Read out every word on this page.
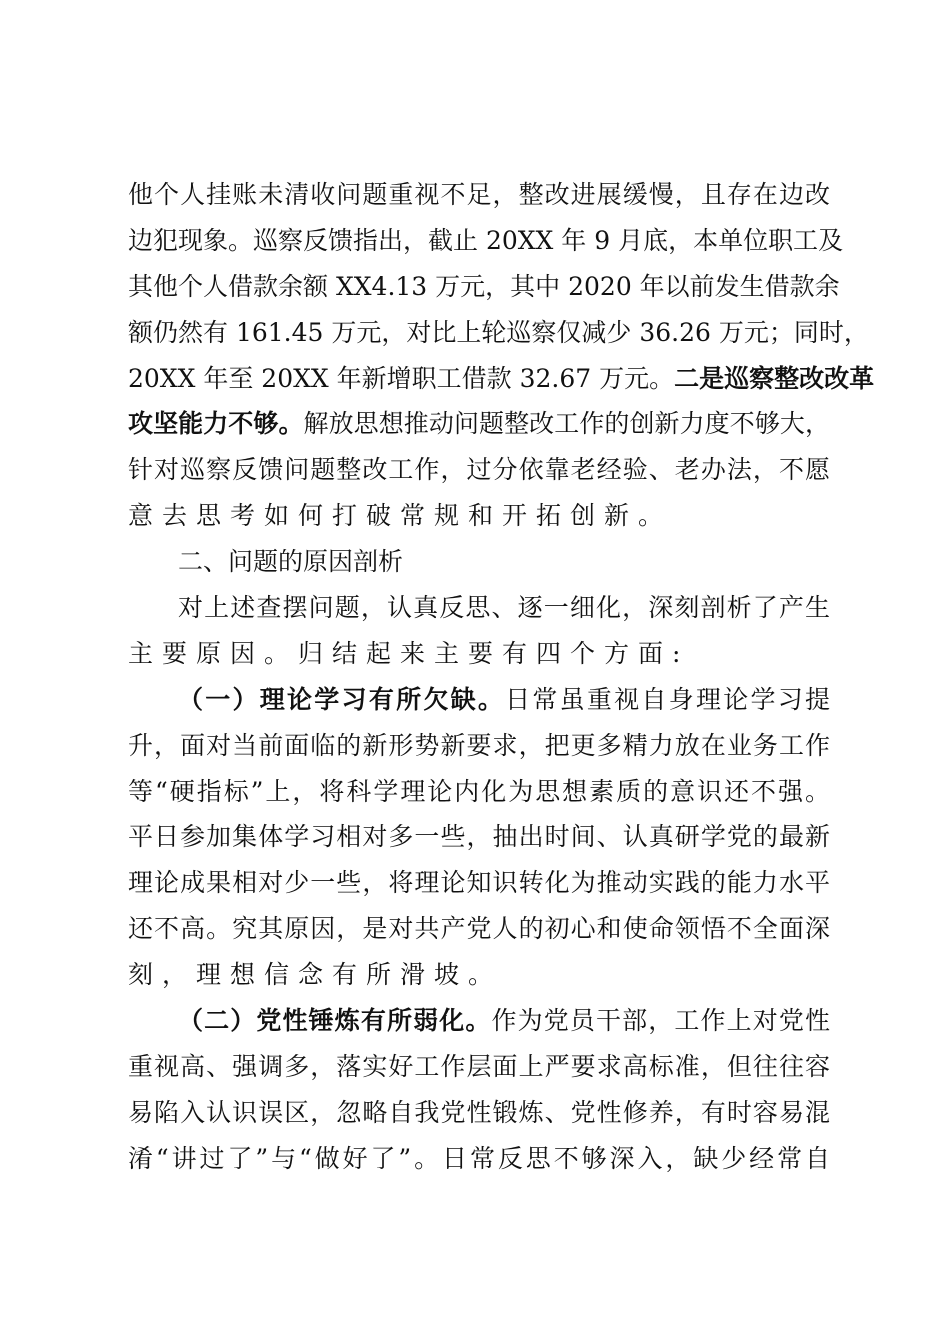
他个人挂账未清收问题重视不足，整改进展缓慢，且存在边改
边犯现象。巡察反馈指出，截止 20XX 年 9 月底，本单位职工及
其他个人借款余额 XX4.13 万元，其中 2020 年以前发生借款余
额仍然有 161.45 万元，对比上轮巡察仅减少 36.26 万元；同时，
20XX 年至 20XX 年新增职工借款 32.67 万元。二是巡察整改改革
攻坚能力不够。解放思想推动问题整改工作的创新力度不够大，
针对巡察反馈问题整改工作，过分依靠老经验、老办法，不愿
意去思考如何打破常规和开拓创新。
二、问题的原因剖析
对上述查摆问题，认真反思、逐一细化，深刻剖析了产生
主要原因。归结起来主要有四个方面:
（一）理论学习有所欠缺。日常虽重视自身理论学习提
升，面对当前面临的新形势新要求，把更多精力放在业务工作
等“硬指标”上，将科学理论内化为思想素质的意识还不强。
平日参加集体学习相对多一些，抽出时间、认真研学党的最新
理论成果相对少一些，将理论知识转化为推动实践的能力水平
还不高。究其原因，是对共产党人的初心和使命领悟不全面深
刻，理想信念有所滑坡。
（二）党性锤炼有所弱化。作为党员干部，工作上对党性
重视高、强调多，落实好工作层面上严要求高标准，但往往容
易陷入认识误区，忽略自我党性锻炼、党性修养，有时容易混
淆“讲过了”与“做好了”。日常反思不够深入，缺少经常自
